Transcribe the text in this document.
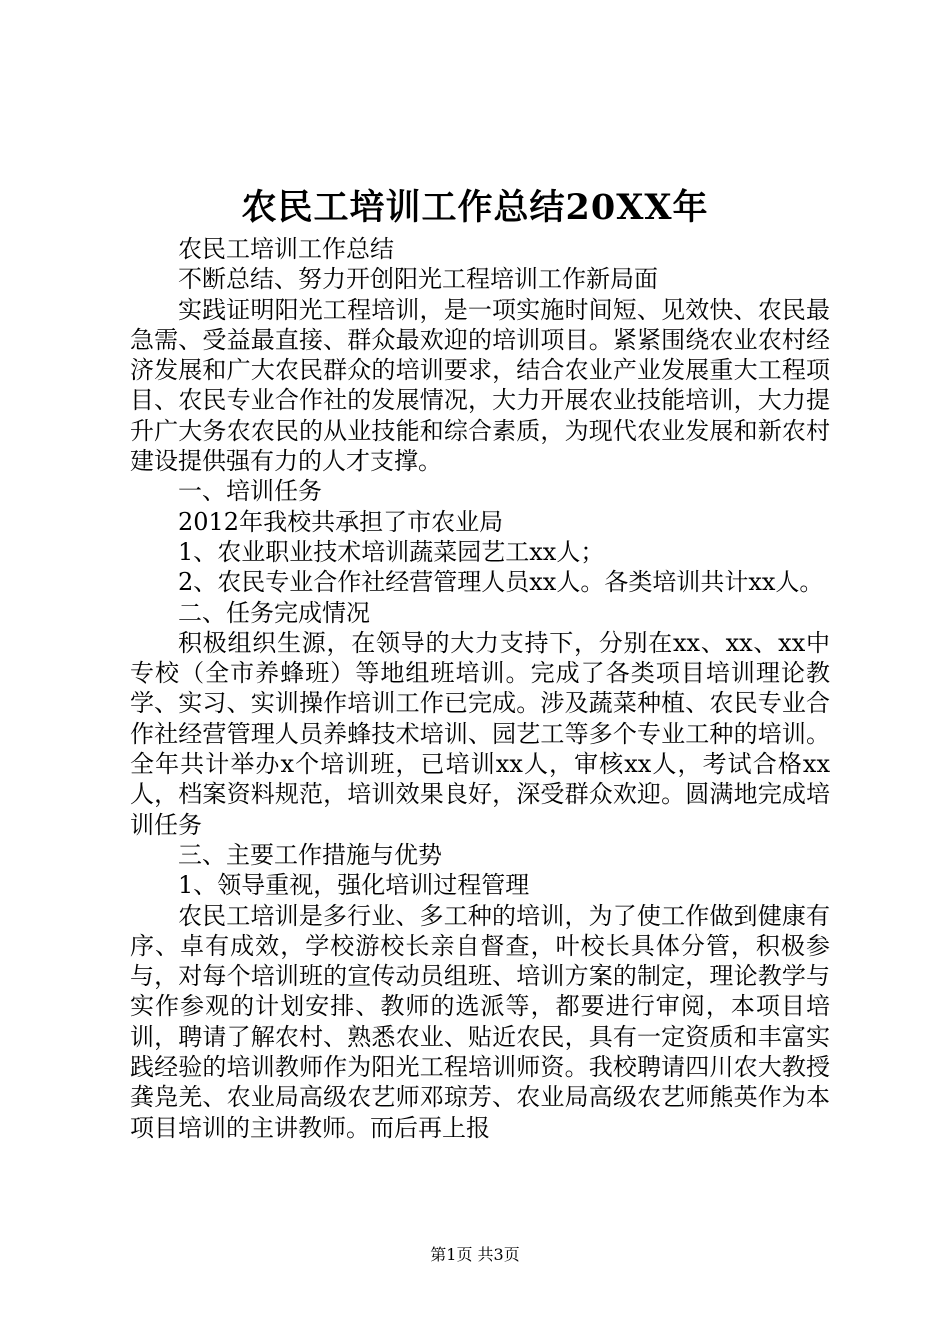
农民工培训工作总结20XX年

农民工培训工作总结

不断总结、努力开创阳光工程培训工作新局面

实践证明阳光工程培训，是一项实施时间短、见效快、农民最急需、受益最直接、群众最欢迎的培训项目。紧紧围绕农业农村经济发展和广大农民群众的培训要求，结合农业产业发展重大工程项目、农民专业合作社的发展情况，大力开展农业技能培训，大力提升广大务农农民的从业技能和综合素质，为现代农业发展和新农村建设提供强有力的人才支撑。

一、培训任务

2012年我校共承担了市农业局

1、农业职业技术培训蔬菜园艺工xx人；

2、农民专业合作社经营管理人员xx人。各类培训共计xx人。

二、任务完成情况

积极组织生源，在领导的大力支持下，分别在xx、xx、xx中专校（全市养蜂班）等地组班培训。完成了各类项目培训理论教学、实习、实训操作培训工作已完成。涉及蔬菜种植、农民专业合作社经营管理人员养蜂技术培训、园艺工等多个专业工种的培训。全年共计举办x个培训班，已培训xx人，审核xx人，考试合格xx人，档案资料规范，培训效果良好，深受群众欢迎。圆满地完成培训任务

三、主要工作措施与优势

1、领导重视，强化培训过程管理

农民工培训是多行业、多工种的培训，为了使工作做到健康有序、卓有成效，学校游校长亲自督查，叶校长具体分管，积极参与，对每个培训班的宣传动员组班、培训方案的制定，理论教学与实作参观的计划安排、教师的选派等，都要进行审阅，本项目培训，聘请了解农村、熟悉农业、贴近农民，具有一定资质和丰富实践经验的培训教师作为阳光工程培训师资。我校聘请四川农大教授龚凫羌、农业局高级农艺师邓琼芳、农业局高级农艺师熊英作为本项目培训的主讲教师。而后再上报

第1页 共3页
